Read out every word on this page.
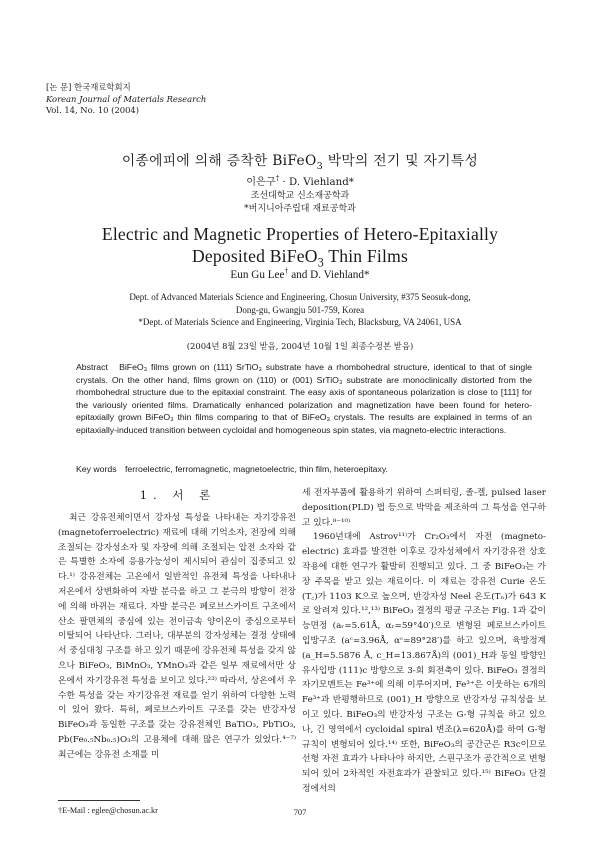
[논 문] 한국재료학회지
Korean Journal of Materials Research
Vol. 14, No. 10 (2004)
이종에피에 의해 증착한 BiFeO$_3$ 박막의 전기 및 자기특성
이은구† · D. Viehland*
조선대학교 신소재공학과
*버지니아주립대 재료공학과
Electric and Magnetic Properties of Hetero-Epitaxially
Deposited BiFeO$_3$ Thin Films
Eun Gu Lee† and D. Viehland*
Dept. of Advanced Materials Science and Engineering, Chosun University, #375 Seosuk-dong,
Dong-gu, Gwangju 501-759, Korea
*Dept. of Materials Science and Engineering, Virginia Tech, Blacksburg, VA 24061, USA
(2004년 8월 23일 받음, 2004년 10월 1일 최종수정본 받음)
Abstract BiFeO₃ films grown on (111) SrTiO₃ substrate have a rhombohedral structure, identical to that of single crystals. On the other hand, films grown on (110) or (001) SrTiO₃ substrate are monoclinically distorted from the rhombohedral structure due to the epitaxial constraint. The easy axis of spontaneous polarization is close to [111] for the variously oriented films. Dramatically enhanced polarization and magnetization have been found for hetero-epitaxially grown BiFeO₃ thin films comparing to that of BiFeO₃ crystals. The results are explained in terms of an epitaxially-induced transition between cycloidal and homogeneous spin states, via magneto-electric interactions.
Key words ferroelectric, ferromagnetic, magnetoelectric, thin film, heteroepitaxy.
1. 서 론

최근 강유전체이면서 강자성 특성을 나타내는 자기강유전 (magnetoferroelectric) 재료에 대해 기억소자, 전장에 의해 조절되는 강자성소자 및 자장에 의해 조절되는 압전 소자와 같은 특별한 소자에 응용가능성이 제시되어 관심이 집중되고 있다.¹⁾ 강유전체는 고온에서 일반적인 유전체 특성을 나타내나 저온에서 상변화하여 자발 분극을 하고 그 분극의 방향이 전장에 의해 바뀌는 재료다. 자발 분극은 페로브스카이트 구조에서 산소 팔면체의 중심에 있는 전이금속 양이온이 중심으로부터 이탈되어 나타난다. 그러나, 대부분의 강자성체는 결정 상태에서 중심대칭 구조를 하고 있기 때문에 강유전체 특성을 갖지 않으나 BiFeO₃, BiMnO₃, YMnO₃과 같은 일부 재료에서만 상온에서 자기강유전 특성을 보이고 있다.²³⁾ 따라서, 상온에서 우수한 특성을 갖는 자기강유전 재료를 얻기 위하여 다양한 노력이 있어 왔다. 특히, 페로브스카이트 구조를 갖는 반강자성 BiFeO₃과 동일한 구조를 갖는 강유전체인 BaTiO₃, PbTiO₃, Pb(Fe₀.₅Nb₀.₅)O₃의 고용체에 대해 많은 연구가 있었다.⁴⁻⁷⁾ 최근에는 강유전 소재를 미

세 전자부품에 활용하기 위하여 스퍼터링, 졸-겔, pulsed laser deposition(PLD) 법 등으로 박막을 제조하여 그 특성을 연구하고 있다.⁸⁻¹⁰⁾

1960년대에 Astrov¹¹⁾가 Cr₂O₃에서 자전 (magneto-electric) 효과를 발견한 이후로 강자성체에서 자기강유전 상호작용에 대한 연구가 활발히 진행되고 있다. 그 중 BiFeO₃는 가장 주목을 받고 있는 재료이다. 이 재료는 강유전 Curie 온도 (T꜀)가 1103 K으로 높으며, 반강자성 Neel 온도(Tₙ)가 643 K로 알려져 있다.¹²,¹³⁾ BiFeO₃ 결정의 평균 구조는 Fig. 1과 같이 능면정 (aᵣ=5.61Å, αᵣ=59°40′)으로 변형된 페로브스카이트 입방구조 (aᶜ=3.96Å, αᶜ=89°28′)를 하고 있으며, 육방정계 (a_H=5.5876 Å, c_H=13.867Å)의 (001)_H과 동일 방향인 유사입방 (111)c 방향으로 3-회 회전축이 있다. BiFeO₃ 결정의 자기모멘트는 Fe³⁺에 의해 이루어지며, Fe³⁺은 이웃하는 6개의 Fe³⁺과 반평행하므로 (001)_H 방향으로 반강자성 규칙성을 보이고 있다. BiFeO₃의 반강자성 구조는 G-형 규칙을 하고 있으나, 긴 영역에서 cycloidal spiral 변조(λ=620Å)를 하여 G-형 규칙이 변형되어 있다.¹⁴⁾ 또한, BiFeO₃의 공간군은 R3c이므로 선형 자전 효과가 나타나야 하지만, 스핀구조가 공간적으로 변형되어 있어 2차적인 자전효과가 관찰되고 있다.¹⁵⁾ BiFeO₃ 단결정에서의

†E-Mail : eglee@chosun.ac.kr	707
